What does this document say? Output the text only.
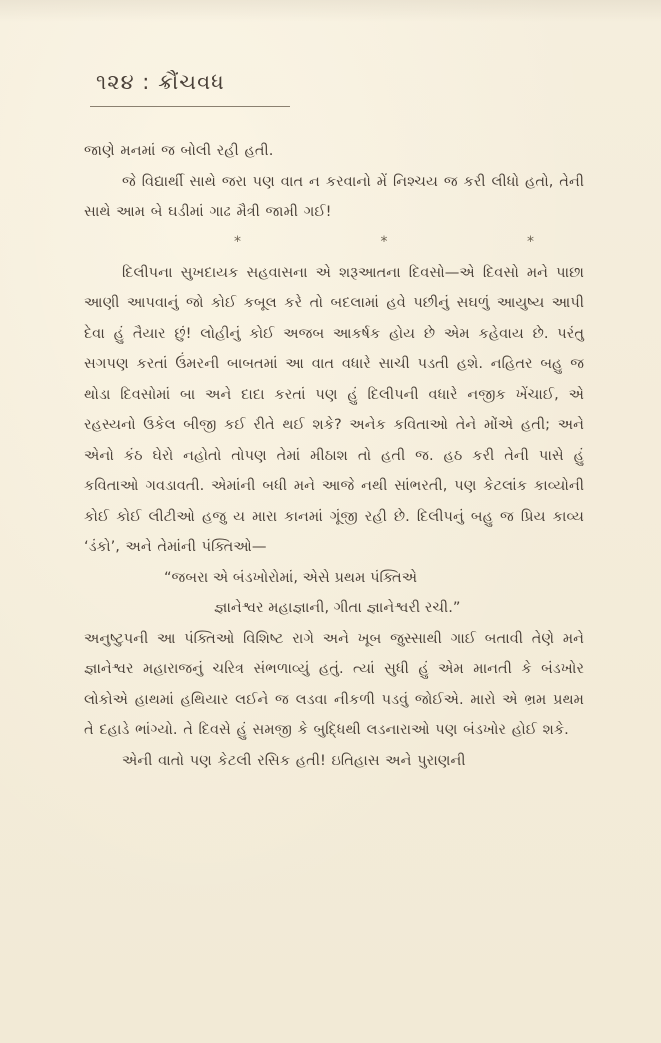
૧૨૪ : ક્રૌંચવધ

જાણે મનમાં જ બોલી રહી હતી.

જે વિદ્યાર્થી સાથે જરા પણ વાત ન કરવાનો મેં નિશ્ચય જ કરી લીધો હતો, તેની સાથે આમ બે ઘડીમાં ગાઢ મૈત્રી જામી ગઈ!

*	*	*

દિલીપના સુખદાયક સહવાસના એ શરૂઆતના દિવસો—એ દિવસો મને પાછા આણી આપવાનું જો કોઈ કબૂલ કરે તો બદલામાં હવે પછીનું સઘળું આયુષ્ય આપી દેવા હું તૈયાર છું! લોહીનું કોઈ અજબ આકર્ષક હોય છે એમ કહેવાય છે. પરંતુ સગપણ કરતાં ઉંમરની બાબતમાં આ વાત વધારે સાચી પડતી હશે. નહિતર બહુ જ થોડા દિવસોમાં બા અને દાદા કરતાં પણ હું દિલીપની વધારે નજીક ખેંચાઈ, એ રહસ્યનો ઉકેલ બીજી કઈ રીતે થઈ શકે? અનેક કવિતાઓ તેને મોંએ હતી; અને એનો કંઠ ઘેરો નહોતો તોપણ તેમાં મીઠાશ તો હતી જ. હઠ કરી તેની પાસે હું કવિતાઓ ગવડાવતી. એમાંની બધી મને આજે નથી સાંભરતી, પણ કેટલાંક કાવ્યોની કોઈ કોઈ લીટીઓ હજુ ય મારા કાનમાં ગૂંજી રહી છે. દિલીપનું બહુ જ પ્રિય કાવ્ય ‘ડંકો’, અને તેમાંની પંક્તિઓ—

“જબરા એ બંડખોરોમાં, એસે પ્રથમ પંક્તિએ

જ્ઞાનેશ્વર મહાજ્ઞાની, ગીતા જ્ઞાનેશ્વરી રચી.”

અનુષ્ટુપની આ પંક્તિઓ વિશિષ્ટ રાગે અને ખૂબ જુસ્સાથી ગાઈ બતાવી તેણે મને જ્ઞાનેશ્વર મહારાજનું ચરિત્ર સંભળાવ્યું હતું. ત્યાં સુધી હું એમ માનતી કે બંડખોર લોકોએ હાથમાં હથિયાર લઈને જ લડવા નીકળી પડવું જોઈએ. મારો એ ભ્રમ પ્રથમ તે દહાડે ભાંગ્યો. તે દિવસે હું સમજી કે બુદ્ધિથી લડનારાઓ પણ બંડખોર હોઈ શકે.

એની વાતો પણ કેટલી રસિક હતી! ઇતિહાસ અને પુરાણની
